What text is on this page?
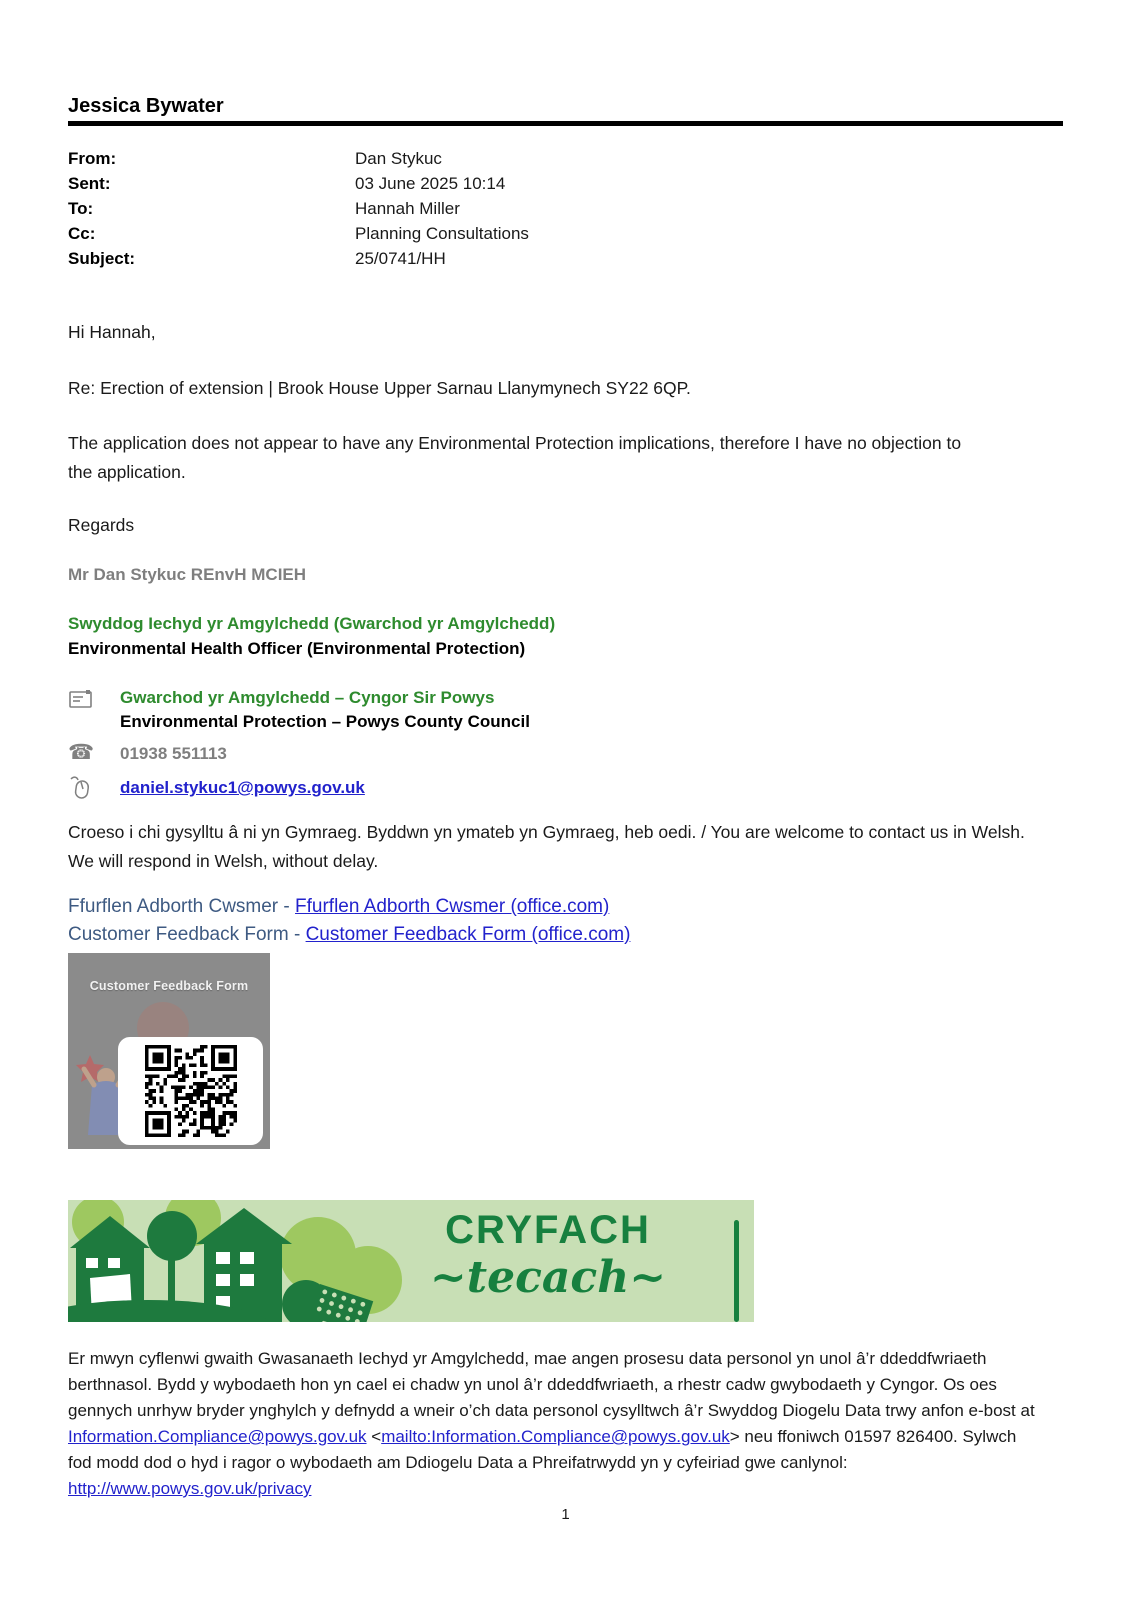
Jessica Bywater
From:	Dan Stykuc
Sent:	03 June 2025 10:14
To:	Hannah Miller
Cc:	Planning Consultations
Subject:	25/0741/HH
Hi Hannah,
Re: Erection of extension | Brook House Upper Sarnau Llanymynech SY22 6QP.
The application does not appear to have any Environmental Protection implications, therefore I have no objection to the application.
Regards
Mr Dan Stykuc REnvH MCIEH
Swyddog Iechyd yr Amgylchedd (Gwarchod yr Amgylchedd)
Environmental Health Officer (Environmental Protection)
Gwarchod yr Amgylchedd – Cyngor Sir Powys
Environmental Protection – Powys County Council
☎	01938 551113
daniel.stykuc1@powys.gov.uk
Croeso i chi gysylltu â ni yn Gymraeg. Byddwn yn ymateb yn Gymraeg, heb oedi. / You are welcome to contact us in Welsh. We will respond in Welsh, without delay.
Ffurflen Adborth Cwsmer - Ffurflen Adborth Cwsmer (office.com)
Customer Feedback Form - Customer Feedback Form (office.com)
Customer Feedback Form
CRYFACH
~tecach~
Er mwyn cyflenwi gwaith Gwasanaeth Iechyd yr Amgylchedd, mae angen prosesu data personol yn unol â’r ddeddfwriaeth berthnasol. Bydd y wybodaeth hon yn cael ei chadw yn unol â’r ddeddfwriaeth, a rhestr cadw gwybodaeth y Cyngor. Os oes gennych unrhyw bryder ynghylch y defnydd a wneir o’ch data personol cysylltwch â’r Swyddog Diogelu Data trwy anfon e-bost at Information.Compliance@powys.gov.uk <mailto:Information.Compliance@powys.gov.uk> neu ffoniwch 01597 826400. Sylwch fod modd dod o hyd i ragor o wybodaeth am Ddiogelu Data a Phreifatrwydd yn y cyfeiriad gwe canlynol: http://www.powys.gov.uk/privacy
1
